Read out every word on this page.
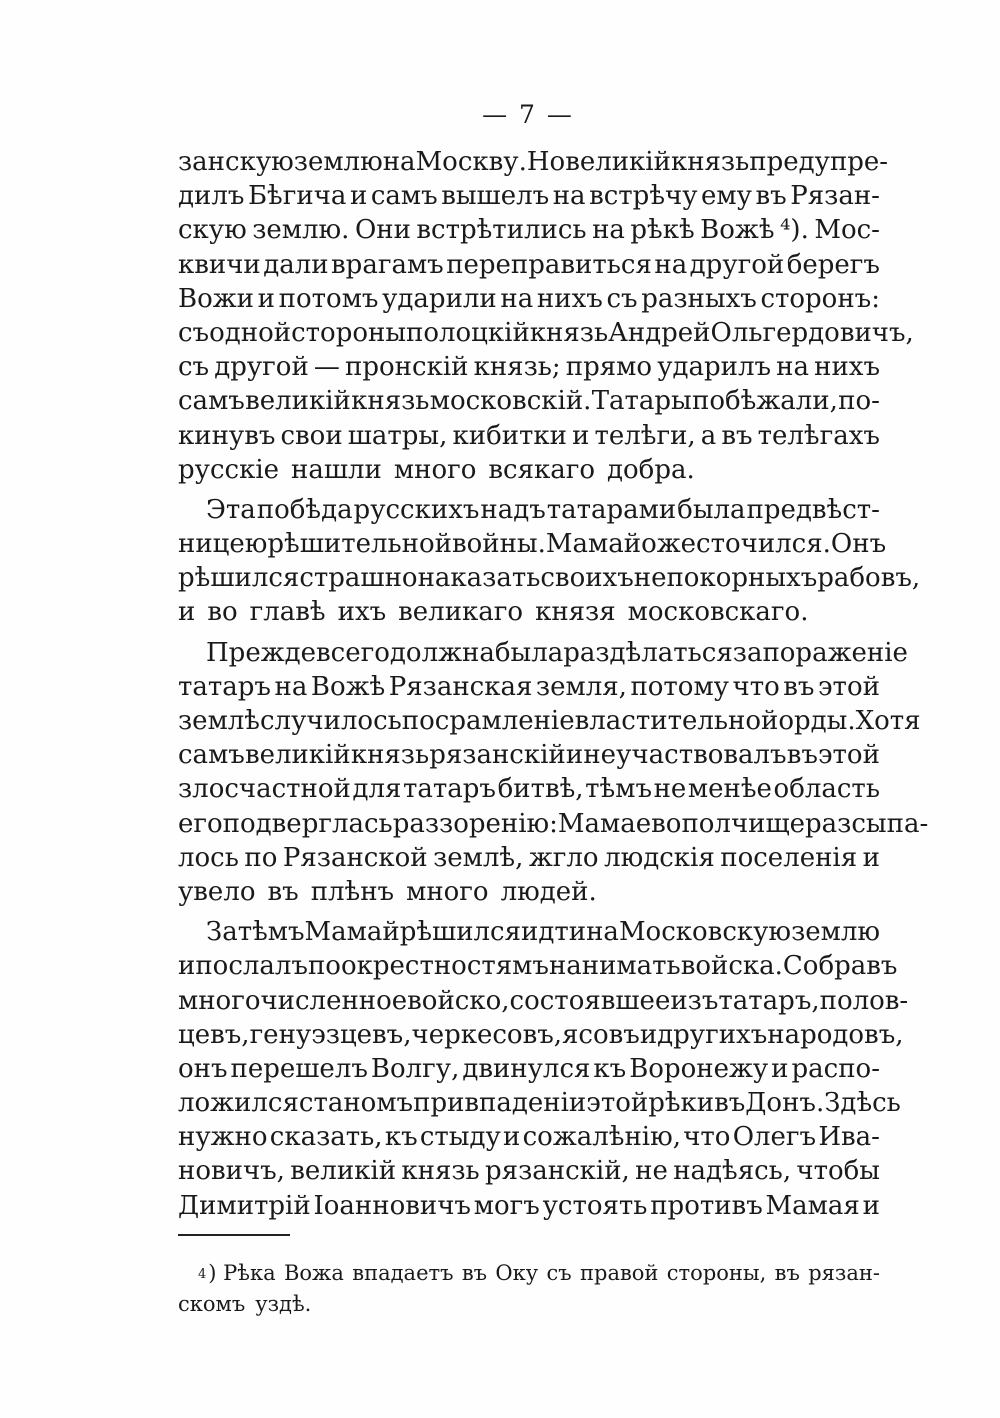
— 7 —
занскую землю на Москву. Но великій князь предупре-
дилъ Бѣгича и самъ вышелъ на встрѣчу ему въ Рязан-
скую землю. Они встрѣтились на рѣкѣ Вожѣ ⁴). Мос-
квичи дали врагамъ переправиться на другой берегъ
Вожи и потомъ ударили на нихъ съ разныхъ сторонъ:
съ одной стороны полоцкій князь Андрей Ольгердовичъ,
съ другой — пронскій князь; прямо ударилъ на нихъ
самъ великій князь московскій. Татары побѣжали, по-
кинувъ свои шатры, кибитки и телѣги, а въ телѣгахъ
русскіе нашли много всякаго добра.
Эта побѣда русскихъ надъ татарами была предвѣст-
ницею рѣшительной войны. Мамай ожесточился. Онъ
рѣшился страшно наказать своихъ непокорныхъ рабовъ,
и во главѣ ихъ великаго князя московскаго.
Прежде всего должна была раздѣлаться за пораженіе
татаръ на Вожѣ Рязанская земля, потому что въ этой
землѣ случилось посрамленіе властительной орды. Хотя
самъ великій князь рязанскій и не участвовалъ въ этой
злосчастной для татаръ битвѣ, тѣмъ не менѣе область
его подверглась раззоренію: Мамаево полчище разсыпа-
лось по Рязанской землѣ, жгло людскія поселенія и
увело въ плѣнъ много людей.
Затѣмъ Мамай рѣшился идти на Московскую землю
и послалъ по окрестностямъ нанимать войска. Собравъ
многочисленное войско, состоявшее изъ татаръ, полов-
цевъ, генуэзцевъ, черкесовъ, ясовъ и другихъ народовъ,
онъ перешелъ Волгу, двинулся къ Воронежу и распо-
ложился станомъ при впаденіи этой рѣки въ Донъ. Здѣсь
нужно сказать, къ стыду и сожалѣнію, что Олегъ Ива-
новичъ, великій князь рязанскій, не надѣясь, чтобы
Димитрій Іоанновичъ могъ устоять противъ Мамая и
$^4$) Рѣка Вожа впадаетъ въ Оку съ правой стороны, въ рязан-
скомъ уздѣ.
